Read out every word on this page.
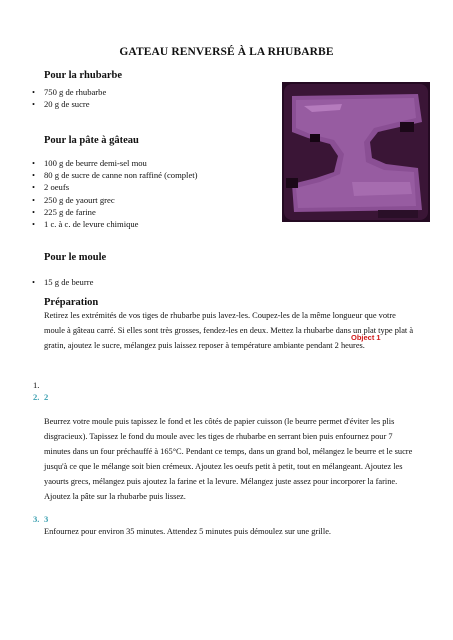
GATEAU RENVERSÉ À LA RHUBARBE
Pour la rhubarbe
• 750 g de rhubarbe
• 20 g de sucre
Pour la pâte à gâteau
• 100 g de beurre demi-sel mou
• 80 g de sucre de canne non raffiné (complet)
• 2 oeufs
• 250 g de yaourt grec
• 225 g de farine
• 1 c. à c. de levure chimique
Pour le moule
• 15 g de beurre
Préparation

Retirez les extrémités de vos tiges de rhubarbe puis lavez-les. Coupez-les de la même longueur que votre moule à gâteau carré. Si elles sont très grosses, fendez-les en deux. Mettez la rhubarbe dans un plat type plat à gratin, ajoutez le sucre, mélangez puis laissez reposer à température ambiante pendant 2 heures.

1.
2. 2

Beurrez votre moule puis tapissez le fond et les côtés de papier cuisson (le beurre permet d'éviter les plis disgracieux). Tapissez le fond du moule avec les tiges de rhubarbe en serrant bien puis enfournez pour 7 minutes dans un four préchauffé à 165°C. Pendant ce temps, dans un grand bol, mélangez le beurre et le sucre jusqu'à ce que le mélange soit bien crémeux. Ajoutez les oeufs petit à petit, tout en mélangeant. Ajoutez les yaourts grecs, mélangez puis ajoutez la farine et la levure. Mélangez juste assez pour incorporer la farine. Ajoutez la pâte sur la rhubarbe puis lissez.

3. 3

Enfournez pour environ 35 minutes. Attendez 5 minutes puis démoulez sur une grille.

Object 1
